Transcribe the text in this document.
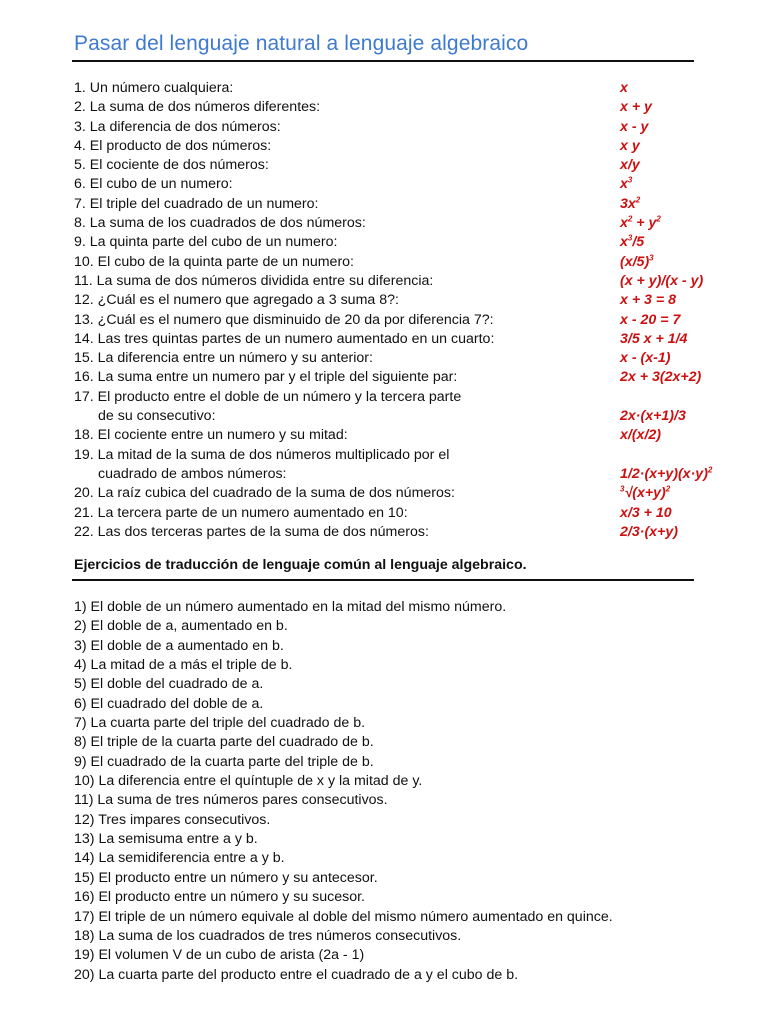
Pasar del lenguaje natural a lenguaje algebraico
1. Un número cualquiera:	x
2. La suma de dos números diferentes:	x + y
3. La diferencia de dos números:	x - y
4. El producto de dos números:	x y
5. El cociente de dos números:	x/y
6. El cubo de un numero:	$x^3$
7. El triple del cuadrado de un numero:	$3x^2$
8. La suma de los cuadrados de dos números:	$x^2 + y^2$
9. La quinta parte del cubo de un numero:	$x^3/5$
10. El cubo de la quinta parte de un numero:	$(x/5)^3$
11. La suma de dos números dividida entre su diferencia:	(x + y)/(x - y)
12. ¿Cuál es el numero que agregado a 3 suma 8?:	x + 3 = 8
13. ¿Cuál es el numero que disminuido de 20 da por diferencia 7?:	x - 20 = 7
14. Las tres quintas partes de un numero aumentado en un cuarto:	3/5 x + 1/4
15. La diferencia entre un número y su anterior:	x - (x-1)
16. La suma entre un numero par y el triple del siguiente par:	2x + 3(2x+2)
17. El producto entre el doble de un número y la tercera parte
de su consecutivo:	2x·(x+1)/3
18. El cociente entre un numero y su mitad:	x/(x/2)
19. La mitad de la suma de dos números multiplicado por el
cuadrado de ambos números:	$1/2\cdot(x+y)(x\cdot y)^2$
20. La raíz cubica del cuadrado de la suma de dos números:	$^3√(x+y)^2$
21. La tercera parte de un numero aumentado en 10:	x/3 + 10
22. Las dos terceras partes de la suma de dos números:	2/3·(x+y)
Ejercicios de traducción de lenguaje común al lenguaje algebraico.
1) El doble de un número aumentado en la mitad del mismo número.
2) El doble de a, aumentado en b.
3) El doble de a aumentado en b.
4) La mitad de a más el triple de b.
5) El doble del cuadrado de a.
6) El cuadrado del doble de a.
7) La cuarta parte del triple del cuadrado de b.
8) El triple de la cuarta parte del cuadrado de b.
9) El cuadrado de la cuarta parte del triple de b.
10) La diferencia entre el quíntuple de x y la mitad de y.
11) La suma de tres números pares consecutivos.
12) Tres impares consecutivos.
13) La semisuma entre a y b.
14) La semidiferencia entre a y b.
15) El producto entre un número y su antecesor.
16) El producto entre un número y su sucesor.
17) El triple de un número equivale al doble del mismo número aumentado en quince.
18) La suma de los cuadrados de tres números consecutivos.
19) El volumen V de un cubo de arista (2a - 1)
20) La cuarta parte del producto entre el cuadrado de a y el cubo de b.
